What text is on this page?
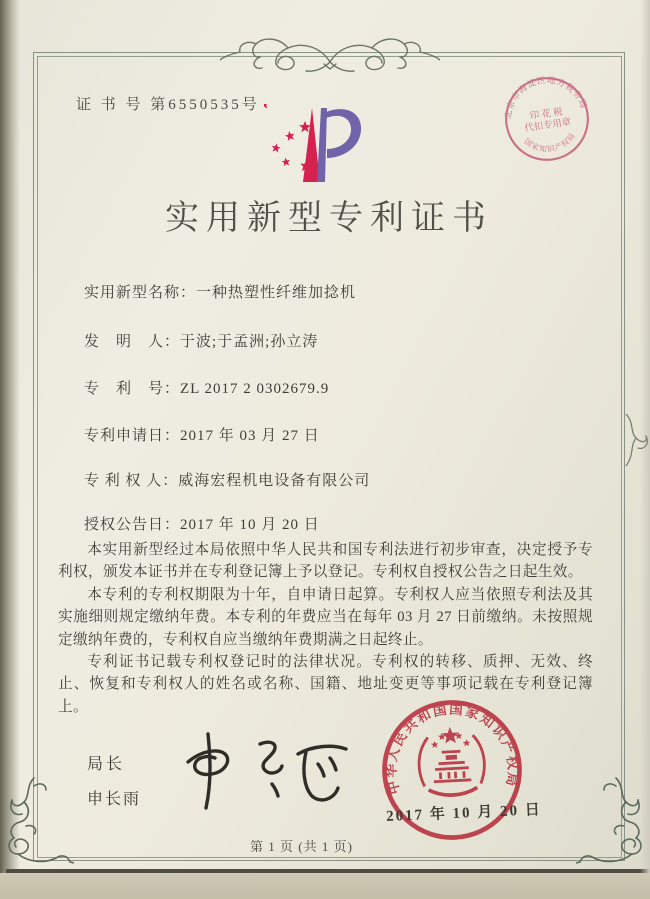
证 书 号 第6550535号
实用新型专利证书
实用新型名称：一种热塑性纤维加捻机
发　明　人：于波;于孟洲;孙立涛
专　利　号：ZL 2017 2 0302679.9
专利申请日：2017 年 03 月 27 日
专 利 权 人：威海宏程机电设备有限公司
授权公告日：2017 年 10 月 20 日

本实用新型经过本局依照中华人民共和国专利法进行初步审查，决定授予专利权，颁发本证书并在专利登记簿上予以登记。专利权自授权公告之日起生效。

本专利的专利权期限为十年，自申请日起算。专利权人应当依照专利法及其实施细则规定缴纳年费。本专利的年费应当在每年 03 月 27 日前缴纳。未按照规定缴纳年费的，专利权自应当缴纳年费期满之日起终止。

专利证书记载专利权登记时的法律状况。专利权的转移、质押、无效、终止、恢复和专利权人的姓名或名称、国籍、地址变更等事项记载在专利登记簿上。

局长
申长雨
北京市海淀区地方税务局
国家知识产权局
印 花 税
代扣专用章
中华人民共和国国家知识产权局
2017 年 10 月 20 日
第 1 页 (共 1 页)
